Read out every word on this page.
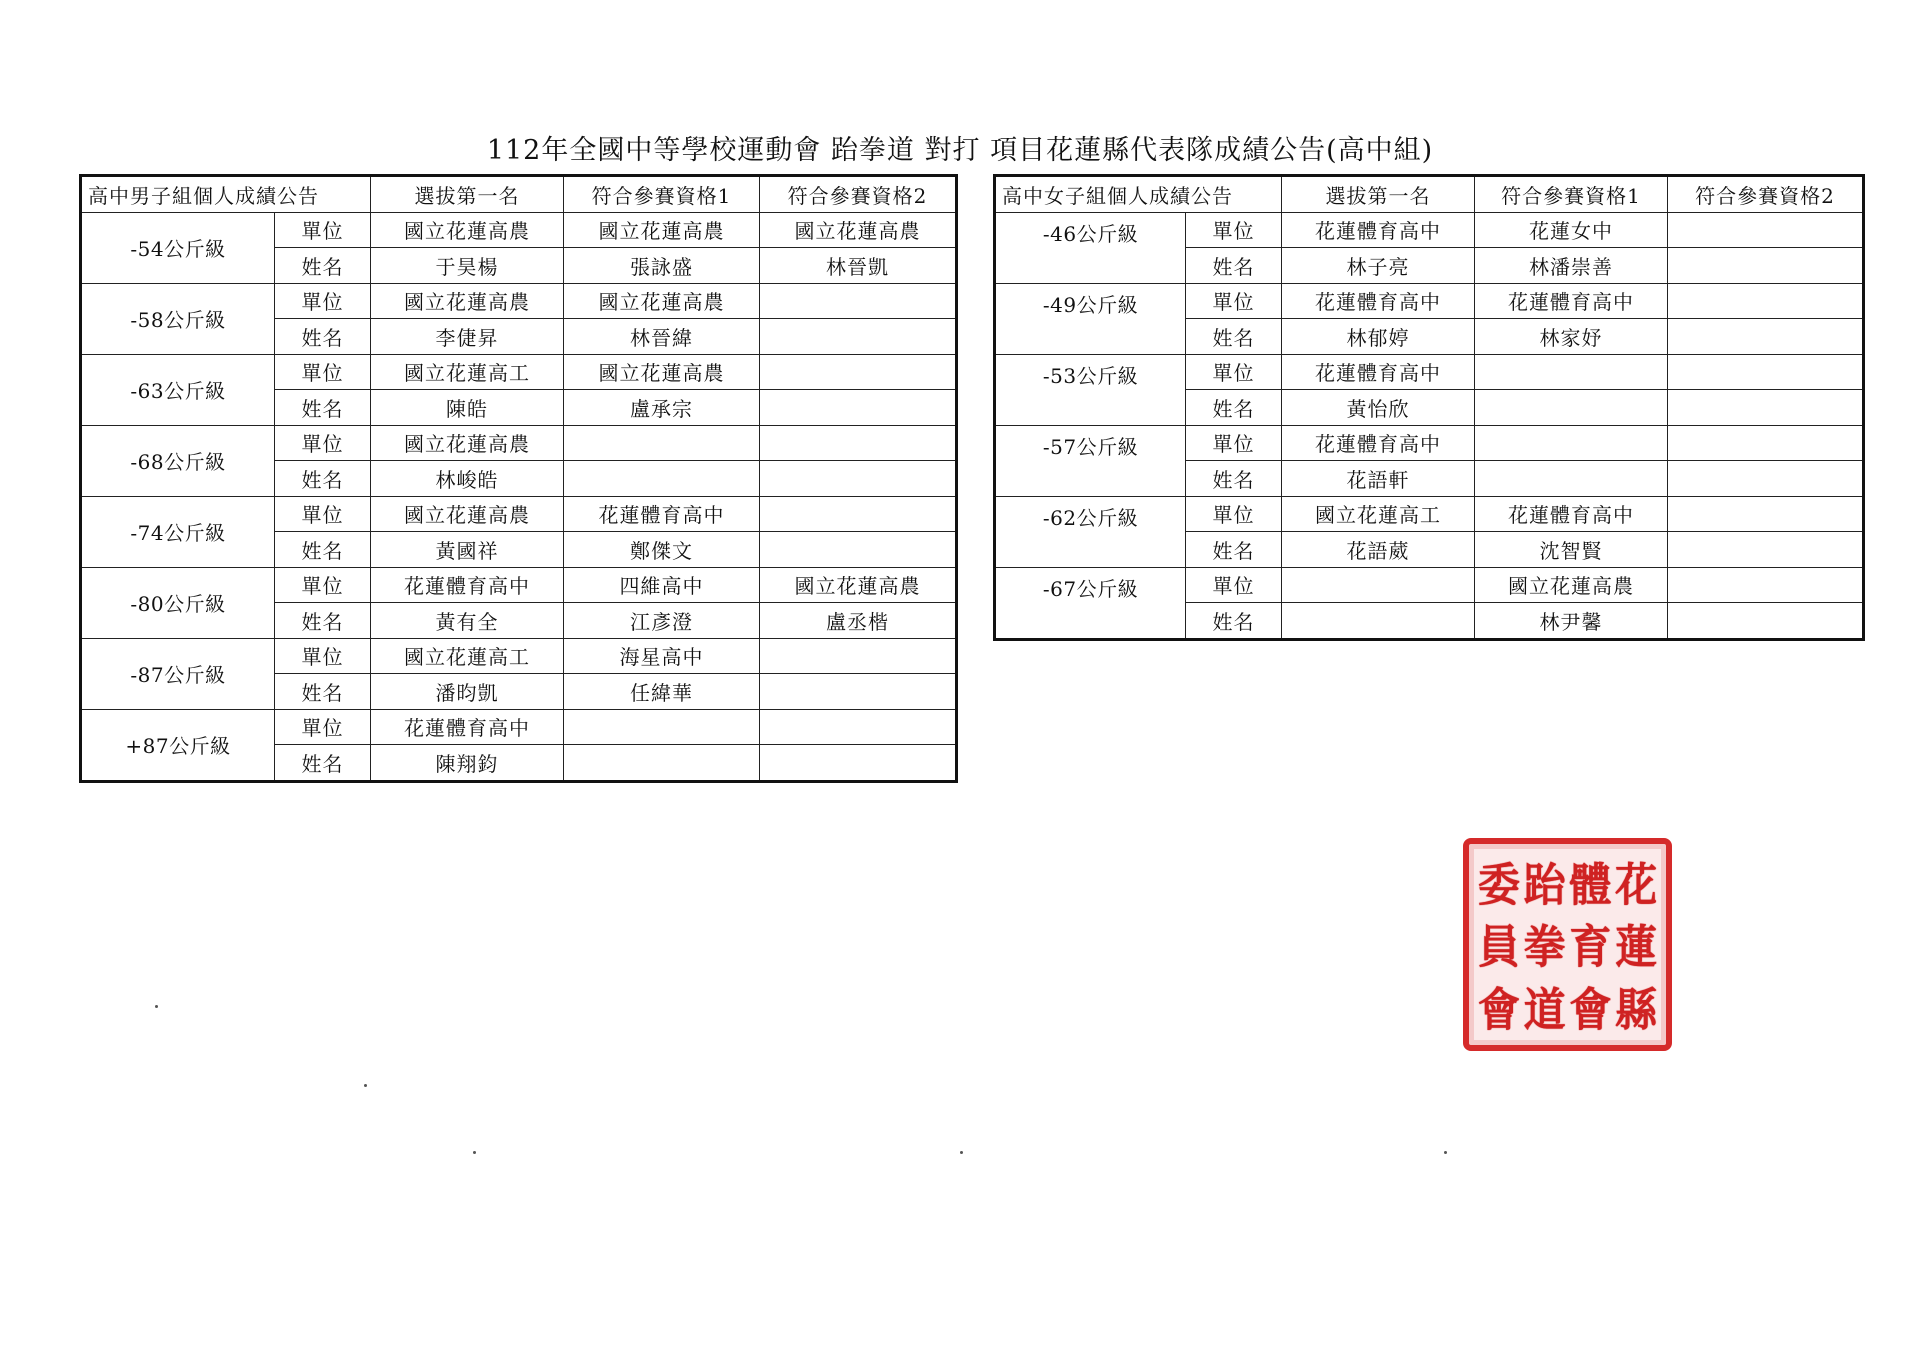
112年全國中等學校運動會 跆拳道 對打 項目花蓮縣代表隊成績公告(高中組)
高中男子組個人成績公告		選拔第一名	符合參賽資格1	符合參賽資格2
-54公斤級	單位	國立花蓮高農	國立花蓮高農	國立花蓮高農
	姓名	于昊楊	張詠盛	林晉凱
-58公斤級	單位	國立花蓮高農	國立花蓮高農	
	姓名	李倢昇	林晉緯	
-63公斤級	單位	國立花蓮高工	國立花蓮高農	
	姓名	陳皓	盧承宗	
-68公斤級	單位	國立花蓮高農		
	姓名	林峻皓		
-74公斤級	單位	國立花蓮高農	花蓮體育高中	
	姓名	黃國祥	鄭傑文	
-80公斤級	單位	花蓮體育高中	四維高中	國立花蓮高農
	姓名	黃有全	江彥澄	盧丞楷
-87公斤級	單位	國立花蓮高工	海星高中	
	姓名	潘昀凱	任緯華	
+87公斤級	單位	花蓮體育高中		
	姓名	陳翔鈞		
高中女子組個人成績公告		選拔第一名	符合參賽資格1	符合參賽資格2
-46公斤級	單位	花蓮體育高中	花蓮女中	
	姓名	林子亮	林潘崇善	
-49公斤級	單位	花蓮體育高中	花蓮體育高中	
	姓名	林郁婷	林家妤	
-53公斤級	單位	花蓮體育高中		
	姓名	黃怡欣		
-57公斤級	單位	花蓮體育高中		
	姓名	花語軒		
-62公斤級	單位	國立花蓮高工	花蓮體育高中	
	姓名	花語葳	沈智賢	
-67公斤級	單位		國立花蓮高農	
	姓名		林尹馨	
委 跆 體 花
員 拳 育 蓮
會 道 會 縣
